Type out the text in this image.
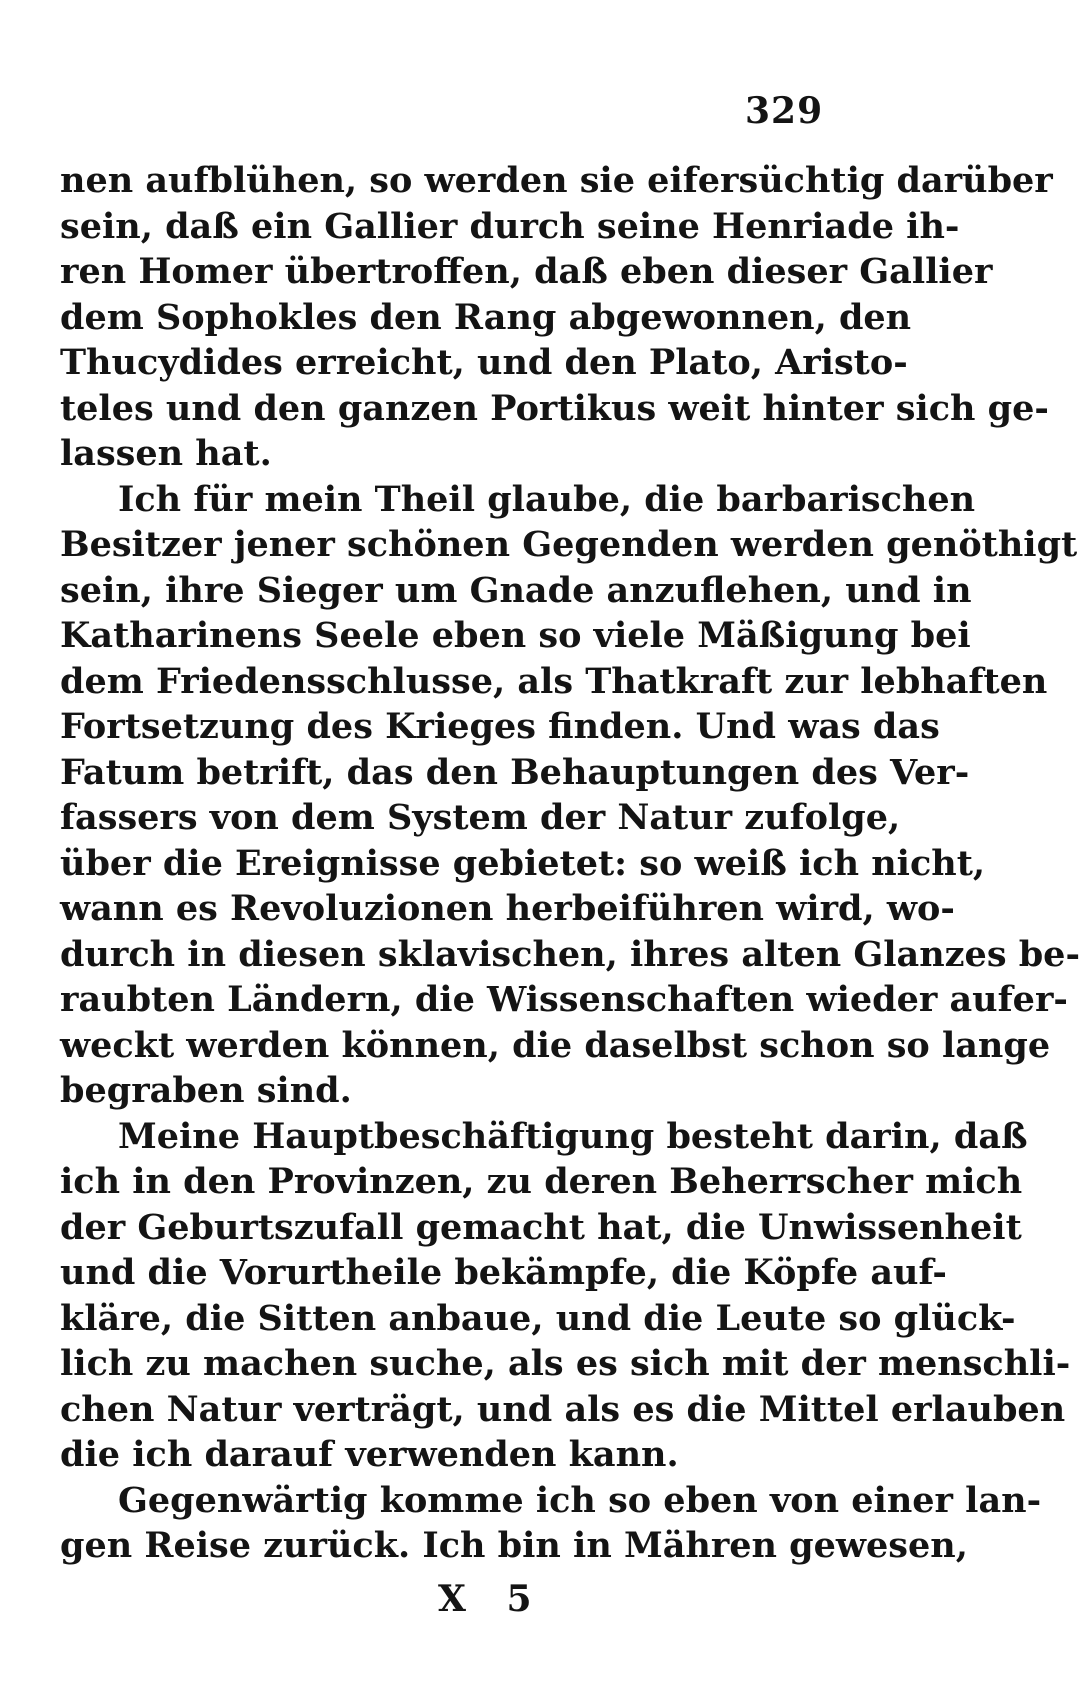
329
nen aufblühen, so werden sie eifersüchtig darüber
sein, daß ein Gallier durch seine Henriade ih-
ren Homer übertroffen, daß eben dieser Gallier
dem Sophokles den Rang abgewonnen, den
Thucydides erreicht, und den Plato, Aristo-
teles und den ganzen Portikus weit hinter sich ge-
lassen hat.
Ich für mein Theil glaube, die barbarischen
Besitzer jener schönen Gegenden werden genöthigt
sein, ihre Sieger um Gnade anzuflehen, und in
Katharinens Seele eben so viele Mäßigung bei
dem Friedensschlusse, als Thatkraft zur lebhaften
Fortsetzung des Krieges finden. Und was das
Fatum betrift, das den Behauptungen des Ver-
fassers von dem System der Natur zufolge,
über die Ereignisse gebietet: so weiß ich nicht,
wann es Revoluzionen herbeiführen wird, wo-
durch in diesen sklavischen, ihres alten Glanzes be-
raubten Ländern, die Wissenschaften wieder aufer-
weckt werden können, die daselbst schon so lange
begraben sind.
Meine Hauptbeschäftigung besteht darin, daß
ich in den Provinzen, zu deren Beherrscher mich
der Geburtszufall gemacht hat, die Unwissenheit
und die Vorurtheile bekämpfe, die Köpfe auf-
kläre, die Sitten anbaue, und die Leute so glück-
lich zu machen suche, als es sich mit der menschli-
chen Natur verträgt, und als es die Mittel erlauben
die ich darauf verwenden kann.
Gegenwärtig komme ich so eben von einer lan-
gen Reise zurück. Ich bin in Mähren gewesen,
X 5
